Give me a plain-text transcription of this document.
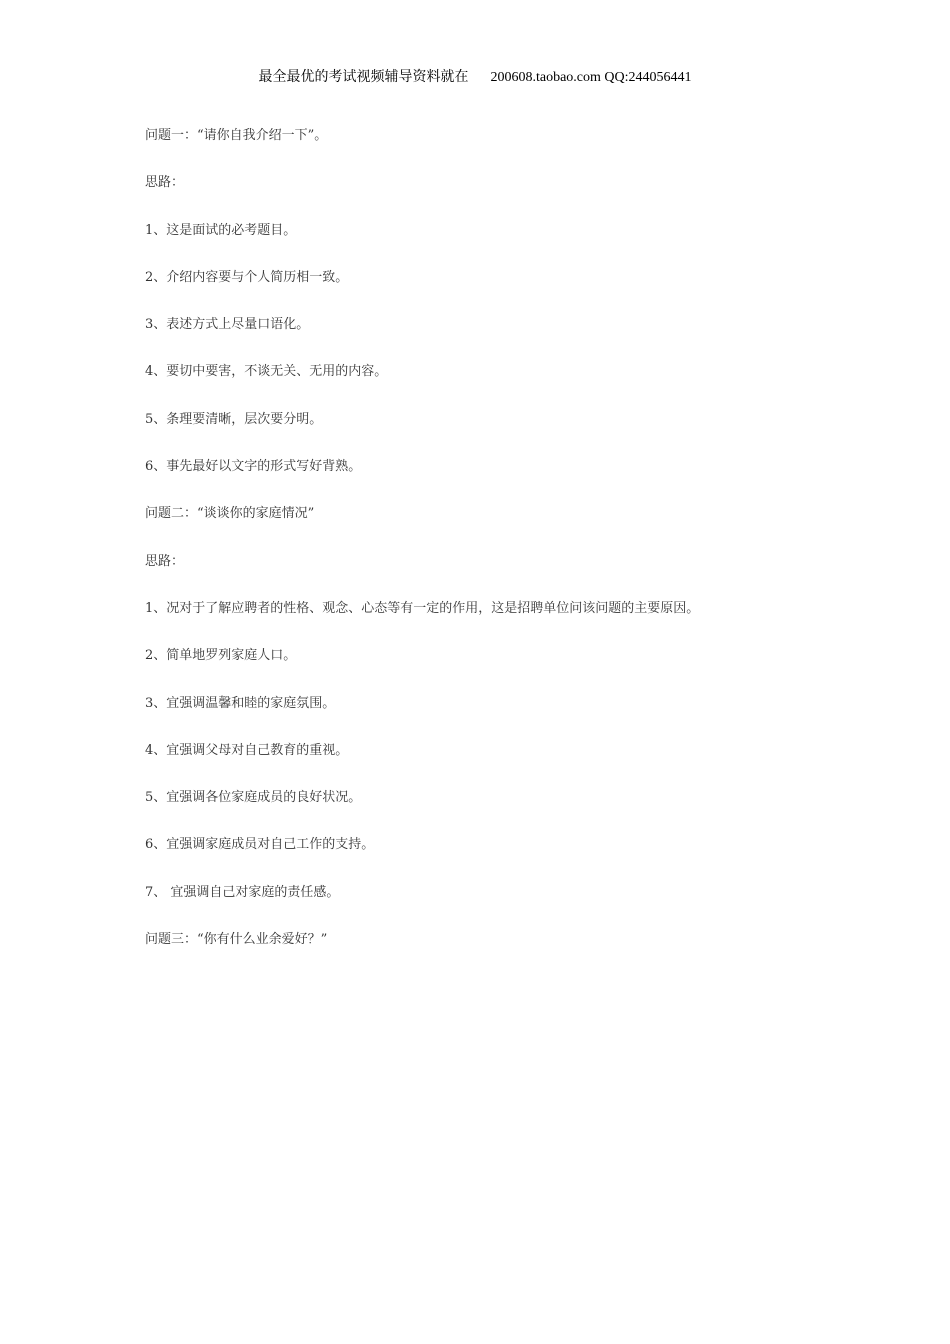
最全最优的考试视频辅导资料就在 200608.taobao.com QQ:244056441
问题一：“请你自我介绍一下”。
思路：
1、这是面试的必考题目。
2、介绍内容要与个人简历相一致。
3、表述方式上尽量口语化。
4、要切中要害，不谈无关、无用的内容。
5、条理要清晰，层次要分明。
6、事先最好以文字的形式写好背熟。
问题二：“谈谈你的家庭情况”
思路：
1、况对于了解应聘者的性格、观念、心态等有一定的作用，这是招聘单位问该问题的主要原因。
2、简单地罗列家庭人口。
3、宜强调温馨和睦的家庭氛围。
4、宜强调父母对自己教育的重视。
5、宜强调各位家庭成员的良好状况。
6、宜强调家庭成员对自己工作的支持。
7、 宜强调自己对家庭的责任感。
问题三：“你有什么业余爱好？”
